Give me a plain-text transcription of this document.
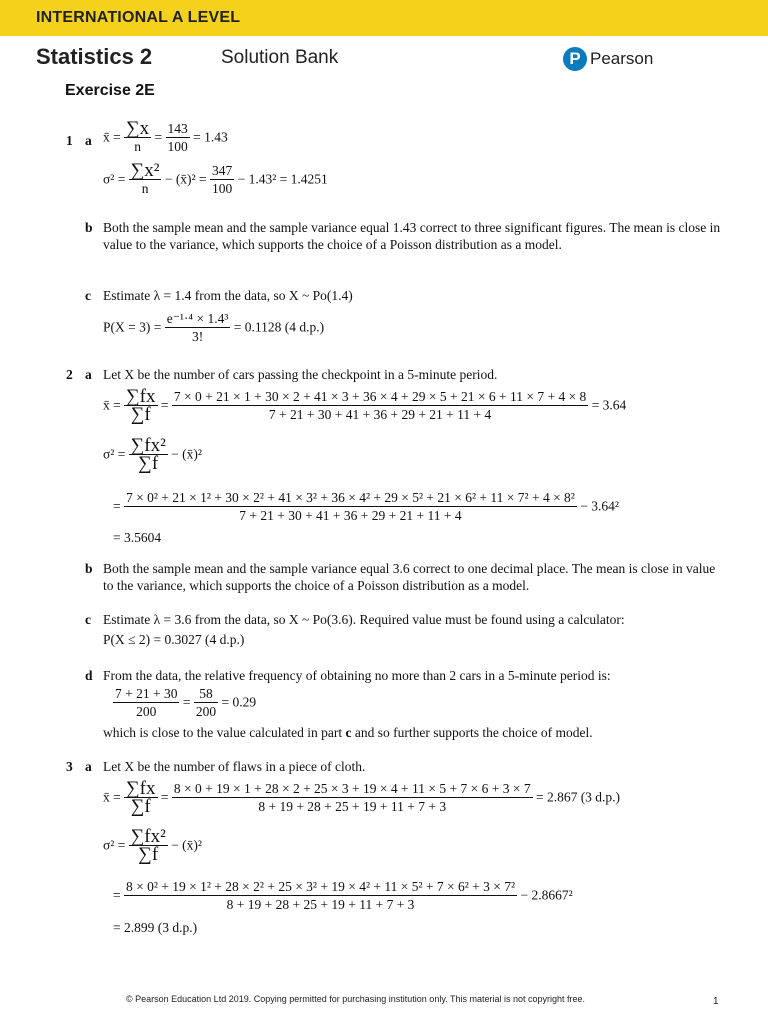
INTERNATIONAL A LEVEL
Statistics 2	Solution Bank	P Pearson
Exercise 2E
1 a x̄ = $\frac{\sum x}{n} = \frac{143}{100} = 1.43$
$\sigma^2 = \frac{\text{∑x²}}{n}$ − (x̄)² = $\frac{347}{100} - 1.43^2 = 1.4251$
b Both the sample mean and the sample variance equal 1.43 correct to three significant figures. The mean is close in value to the variance, which supports the choice of a Poisson distribution as a model.
c Estimate λ = 1.4 from the data, so X ~ Po(1.4)
$P(X = 3) = \frac{\text{e⁻¹·⁴ × 1.4³}}{3!} = 0.1128$ (4 d.p.)
2 a Let X be the number of cars passing the checkpoint in a 5-minute period.
x̄ = $\frac{\sum fx}{\sum f}$ =
7 × 0 + 21 × 1 + 30 × 2 + 41 × 3 + 36 × 4 + 29 × 5 + 21 × 6 + 11 × 7 + 4 × 8
7 + 21 + 30 + 41 + 36 + 29 + 21 + 11 + 4
= 3.64
$\sigma^2 = \frac{\text{∑fx²}}{\sum f}$ − (x̄)²
=
7 × 0² + 21 × 1² + 30 × 2² + 41 × 3² + 36 × 4² + 29 × 5² + 21 × 6² + 11 × 7² + 4 × 8²
7 + 21 + 30 + 41 + 36 + 29 + 21 + 11 + 4
− 3.64²
= 3.5604
b Both the sample mean and the sample variance equal 3.6 correct to one decimal place. The mean is close in value to the variance, which supports the choice of a Poisson distribution as a model.
c Estimate λ = 3.6 from the data, so X ~ Po(3.6). Required value must be found using a calculator:
P(X ≤ 2) = 0.3027 (4 d.p.)
d From the data, the relative frequency of obtaining no more than 2 cars in a 5-minute period is:
$\frac{7 + 21 + 30}{200} = \frac{58}{200} = 0.29$
which is close to the value calculated in part c and so further supports the choice of model.
3 a Let X be the number of flaws in a piece of cloth.
x̄ = $\frac{\sum fx}{\sum f}$ =
8 × 0 + 19 × 1 + 28 × 2 + 25 × 3 + 19 × 4 + 11 × 5 + 7 × 6 + 3 × 7
8 + 19 + 28 + 25 + 19 + 11 + 7 + 3
= 2.867 (3 d.p.)
$\sigma^2 = \frac{\text{∑fx²}}{\sum f}$ − (x̄)²
=
8 × 0² + 19 × 1² + 28 × 2² + 25 × 3² + 19 × 4² + 11 × 5² + 7 × 6² + 3 × 7²
8 + 19 + 28 + 25 + 19 + 11 + 7 + 3
− 2.8667²
= 2.899 (3 d.p.)
© Pearson Education Ltd 2019. Copying permitted for purchasing institution only. This material is not copyright free.	1
